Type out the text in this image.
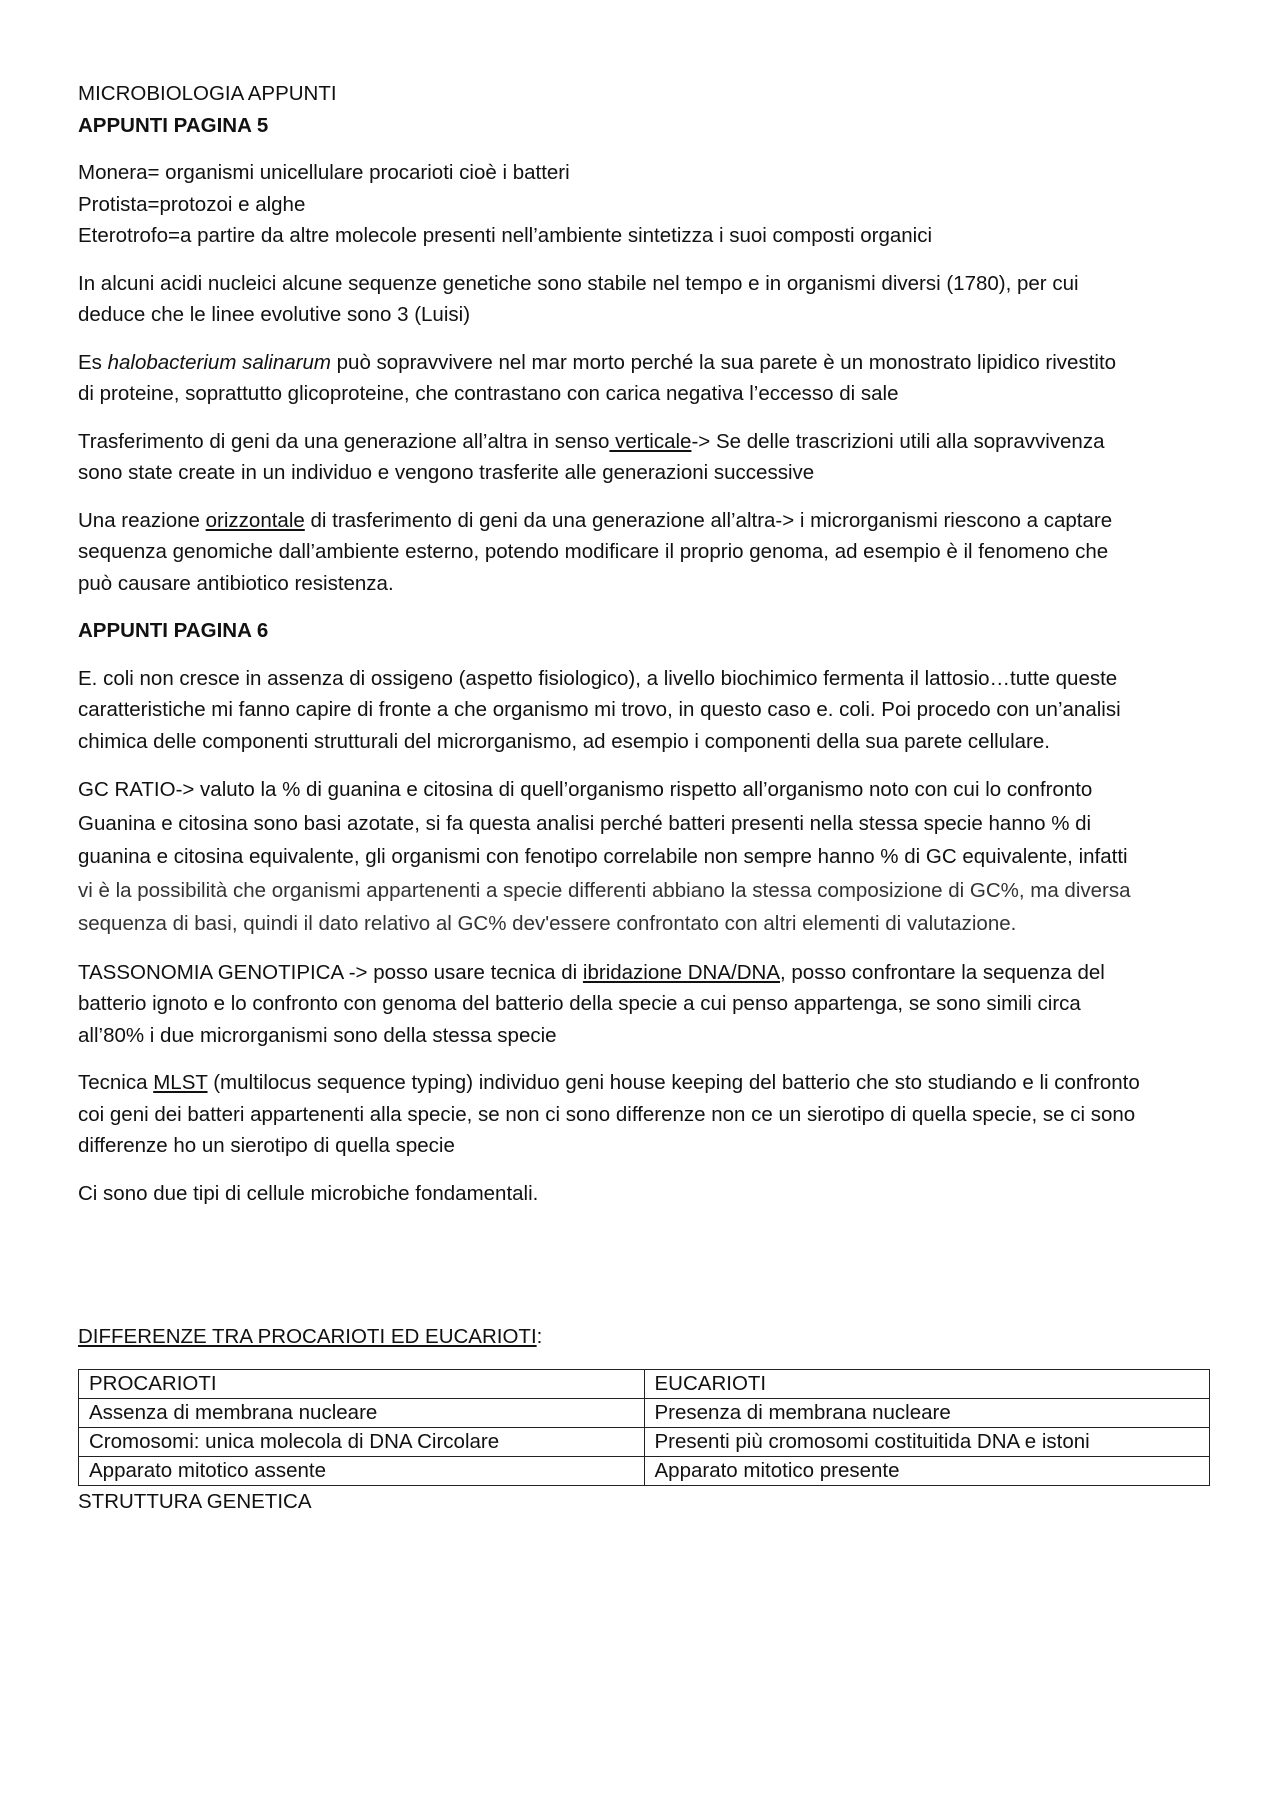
MICROBIOLOGIA APPUNTI

APPUNTI PAGINA 5

Monera= organismi unicellulare procarioti cioè i batteri
Protista=protozoi e alghe
Eterotrofo=a partire da altre molecole presenti nell’ambiente sintetizza i suoi composti organici
In alcuni acidi nucleici alcune sequenze genetiche sono stabile nel tempo e in organismi diversi (1780), per cui
deduce che le linee evolutive sono 3 (Luisi)
Es halobacterium salinarum può sopravvivere nel mar morto perché la sua parete è un monostrato lipidico rivestito
di proteine, soprattutto glicoproteine, che contrastano con carica negativa l’eccesso di sale
Trasferimento di geni da una generazione all’altra in senso verticale-> Se delle trascrizioni utili alla sopravvivenza
sono state create in un individuo e vengono trasferite alle generazioni successive
Una reazione orizzontale di trasferimento di geni da una generazione all’altra-> i microrganismi riescono a captare
sequenza genomiche dall’ambiente esterno, potendo modificare il proprio genoma, ad esempio è il fenomeno che
può causare antibiotico resistenza.

APPUNTI PAGINA 6

E. coli non cresce in assenza di ossigeno (aspetto fisiologico), a livello biochimico fermenta il lattosio…tutte queste
caratteristiche mi fanno capire di fronte a che organismo mi trovo, in questo caso e. coli. Poi procedo con un’analisi
chimica delle componenti strutturali del microrganismo, ad esempio i componenti della sua parete cellulare.
GC RATIO-> valuto la % di guanina e citosina di quell’organismo rispetto all’organismo noto con cui lo confronto
Guanina e citosina sono basi azotate, si fa questa analisi perché batteri presenti nella stessa specie hanno % di
guanina e citosina equivalente, gli organismi con fenotipo correlabile non sempre hanno % di GC equivalente, infatti
vi è la possibilità che organismi appartenenti a specie differenti abbiano la stessa composizione di GC%, ma diversa
sequenza di basi, quindi il dato relativo al GC% dev'essere confrontato con altri elementi di valutazione.
TASSONOMIA GENOTIPICA -> posso usare tecnica di ibridazione DNA/DNA, posso confrontare la sequenza del
batterio ignoto e lo confronto con genoma del batterio della specie a cui penso appartenga, se sono simili circa
all’80% i due microrganismi sono della stessa specie
Tecnica MLST (multilocus sequence typing) individuo geni house keeping del batterio che sto studiando e li confronto
coi geni dei batteri appartenenti alla specie, se non ci sono differenze non ce un sierotipo di quella specie, se ci sono
differenze ho un sierotipo di quella specie

Ci sono due tipi di cellule microbiche fondamentali.

DIFFERENZE TRA PROCARIOTI ED EUCARIOTI:
PROCARIOTI	EUCARIOTI
Assenza di membrana nucleare	Presenza di membrana nucleare
Cromosomi: unica molecola di DNA Circolare	Presenti più cromosomi costituitida DNA e istoni
Apparato mitotico assente	Apparato mitotico presente
STRUTTURA GENETICA
